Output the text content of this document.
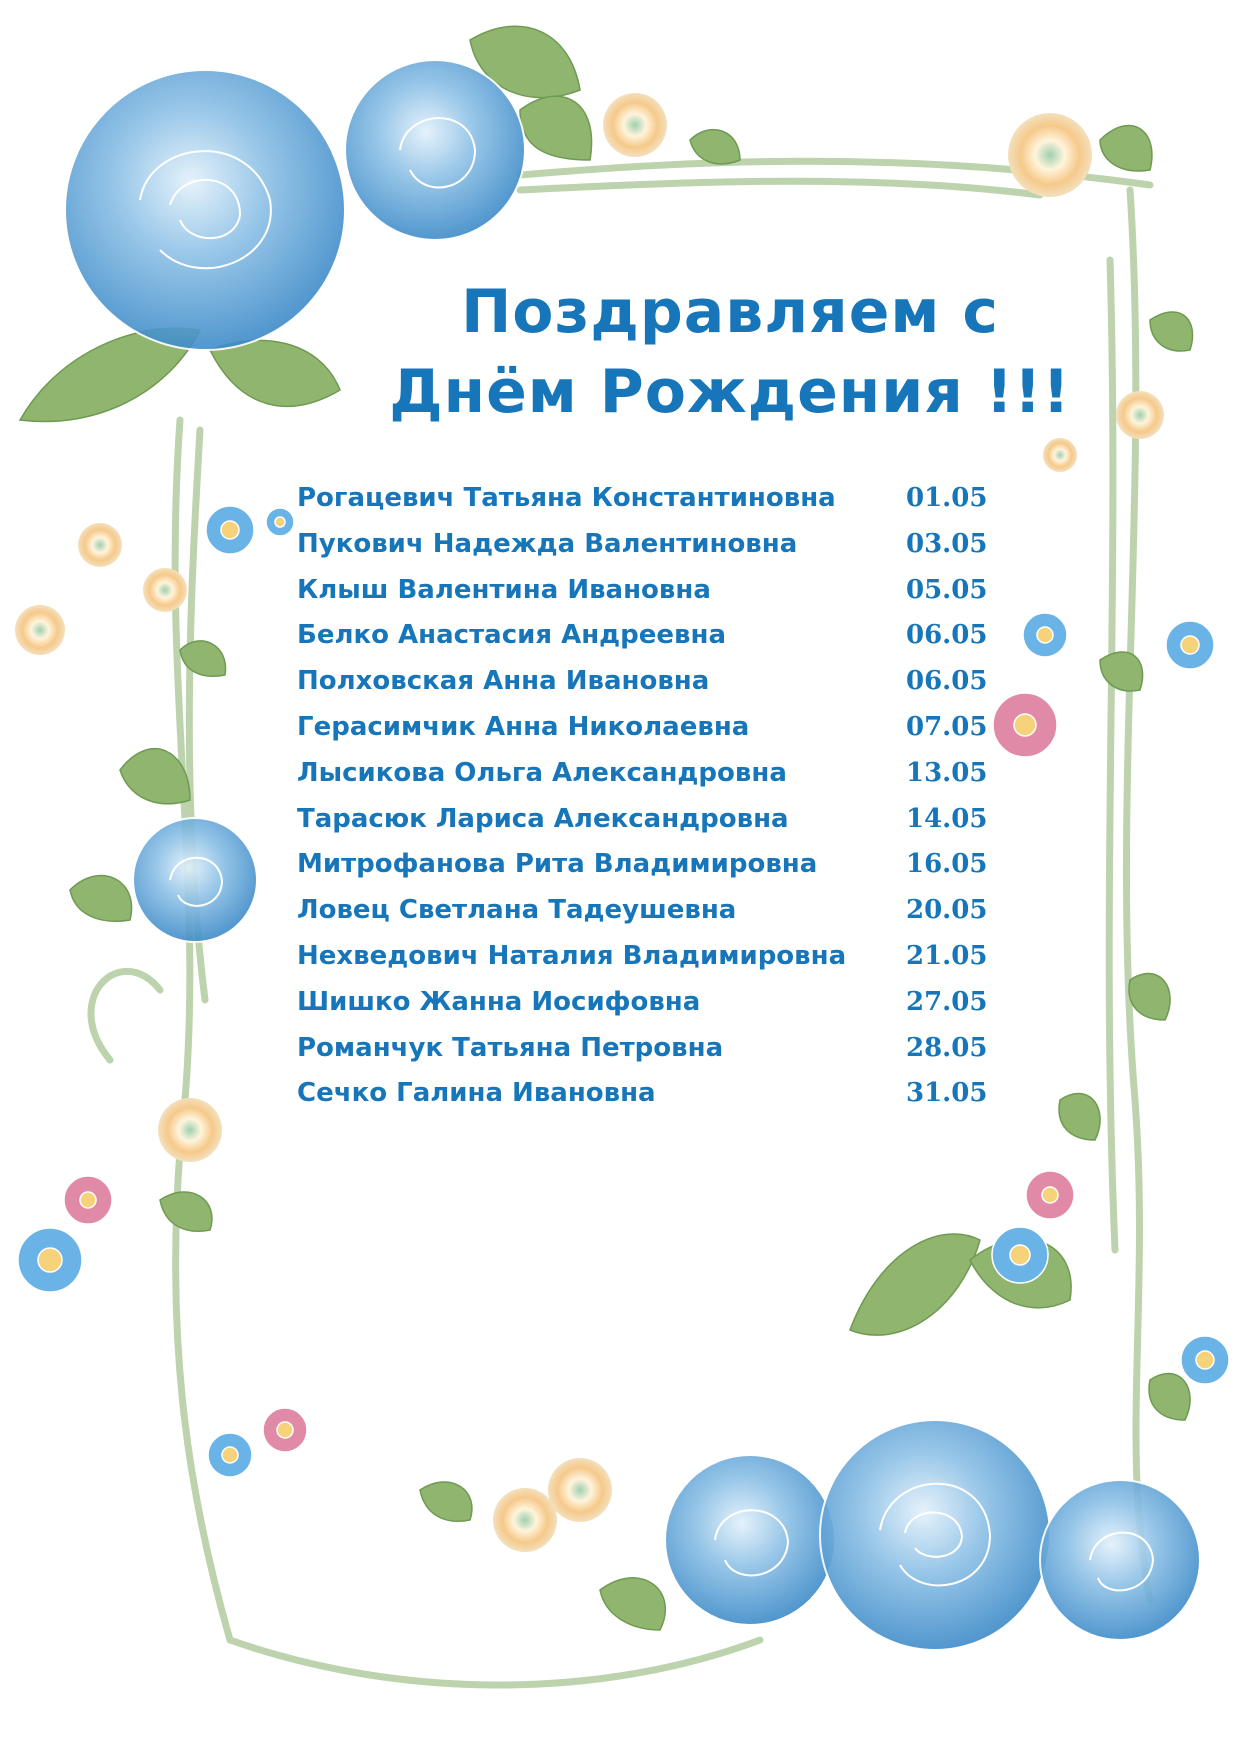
Поздравляем с
Днём Рождения !!!
Рогацевич Татьяна Константиновна	01.05
Пукович Надежда Валентиновна	03.05
Клыш Валентина Ивановна	05.05
Белко Анастасия Андреевна	06.05
Полховская Анна Ивановна	06.05
Герасимчик Анна Николаевна	07.05
Лысикова Ольга Александровна	13.05
Тарасюк Лариса Александровна	14.05
Митрофанова Рита Владимировна	16.05
Ловец Светлана Тадеушевна	20.05
Нехведович Наталия Владимировна 21.05
Шишко Жанна Иосифовна	27.05
Романчук Татьяна Петровна	28.05
Сечко Галина Ивановна	31.05
